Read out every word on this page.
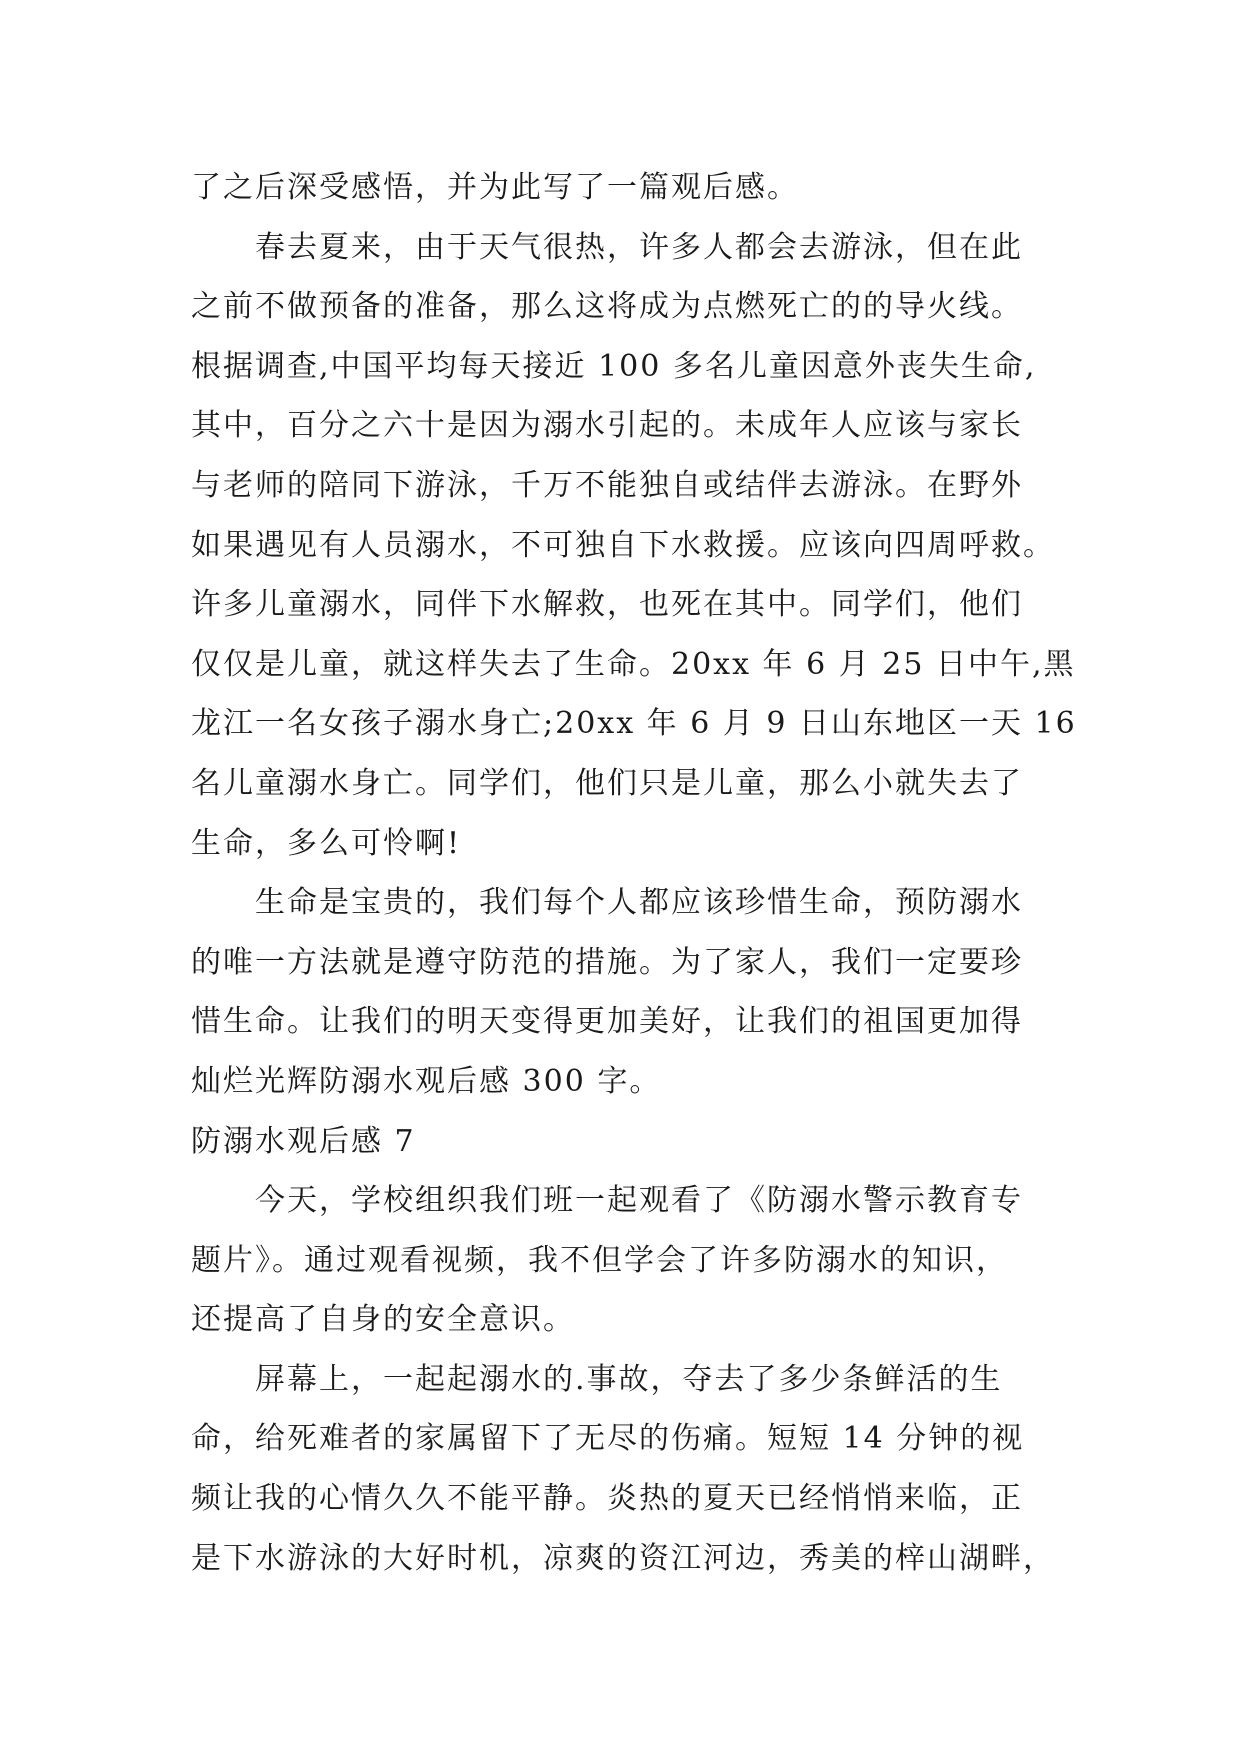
了之后深受感悟，并为此写了一篇观后感。
春去夏来，由于天气很热，许多人都会去游泳，但在此
之前不做预备的准备，那么这将成为点燃死亡的的导火线。
根据调查,中国平均每天接近 100 多名儿童因意外丧失生命,
其中，百分之六十是因为溺水引起的。未成年人应该与家长
与老师的陪同下游泳，千万不能独自或结伴去游泳。在野外
如果遇见有人员溺水，不可独自下水救援。应该向四周呼救。
许多儿童溺水，同伴下水解救，也死在其中。同学们，他们
仅仅是儿童，就这样失去了生命。20xx 年 6 月 25 日中午,黑
龙江一名女孩子溺水身亡;20xx 年 6 月 9 日山东地区一天 16
名儿童溺水身亡。同学们，他们只是儿童，那么小就失去了
生命，多么可怜啊!
生命是宝贵的，我们每个人都应该珍惜生命，预防溺水
的唯一方法就是遵守防范的措施。为了家人，我们一定要珍
惜生命。让我们的明天变得更加美好，让我们的祖国更加得
灿烂光辉防溺水观后感 300 字。
防溺水观后感 7
今天，学校组织我们班一起观看了《防溺水警示教育专
题片》。通过观看视频，我不但学会了许多防溺水的知识，
还提高了自身的安全意识。
屏幕上，一起起溺水的.事故，夺去了多少条鲜活的生
命，给死难者的家属留下了无尽的伤痛。短短 14 分钟的视
频让我的心情久久不能平静。炎热的夏天已经悄悄来临，正
是下水游泳的大好时机，凉爽的资江河边，秀美的梓山湖畔，
